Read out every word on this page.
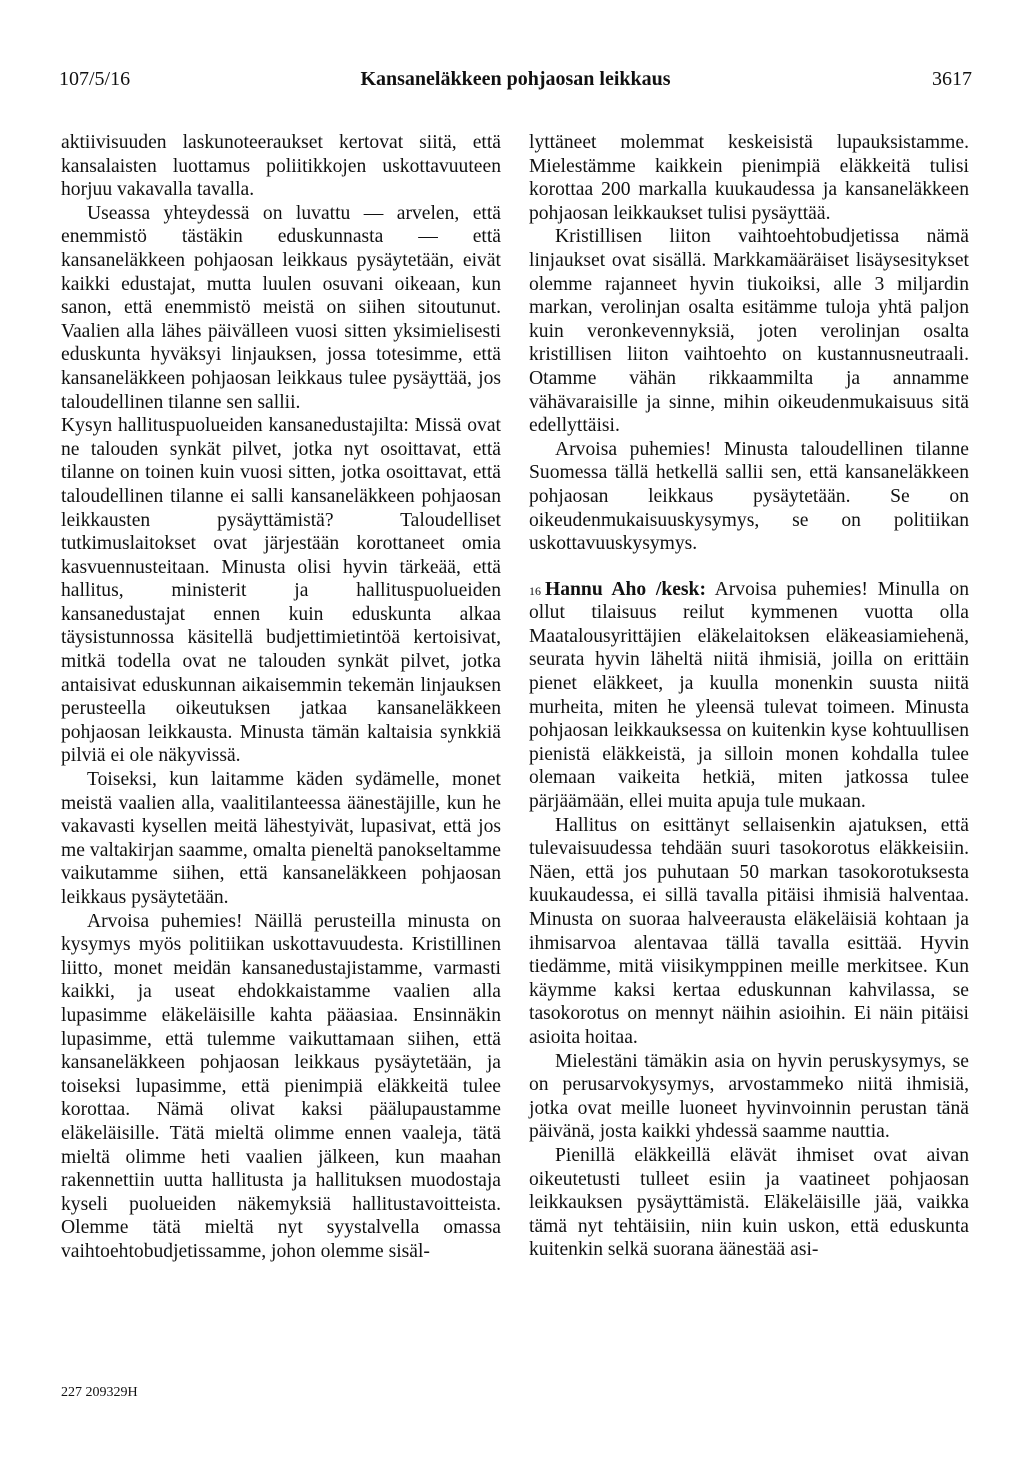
107/5/16	Kansaneläkkeen pohjaosan leikkaus	3617

aktiivisuuden laskunoteeraukset kertovat siitä, että kansalaisten luottamus poliitikkojen uskottavuuteen horjuu vakavalla tavalla.

Useassa yhteydessä on luvattu — arvelen, että enemmistö tästäkin eduskunnasta — että kansaneläkkeen pohjaosan leikkaus pysäytetään, eivät kaikki edustajat, mutta luulen osuvani oikeaan, kun sanon, että enemmistö meistä on siihen sitoutunut. Vaalien alla lähes päivälleen vuosi sitten yksimielisesti eduskunta hyväksyi linjauksen, jossa totesimme, että kansaneläkkeen pohjaosan leikkaus tulee pysäyttää, jos taloudellinen tilanne sen sallii.

Kysyn hallituspuolueiden kansanedustajilta: Missä ovat ne talouden synkät pilvet, jotka nyt osoittavat, että tilanne on toinen kuin vuosi sitten, jotka osoittavat, että taloudellinen tilanne ei salli kansaneläkkeen pohjaosan leikkausten pysäyttämistä? Taloudelliset tutkimuslaitokset ovat järjestään korottaneet omia kasvuennusteitaan. Minusta olisi hyvin tärkeää, että hallitus, ministerit ja hallituspuolueiden kansanedustajat ennen kuin eduskunta alkaa täysistunnossa käsitellä budjettimietintöä kertoisivat, mitkä todella ovat ne talouden synkät pilvet, jotka antaisivat eduskunnan aikaisemmin tekemän linjauksen perusteella oikeutuksen jatkaa kansaneläkkeen pohjaosan leikkausta. Minusta tämän kaltaisia synkkiä pilviä ei ole näkyvissä.

Toiseksi, kun laitamme käden sydämelle, monet meistä vaalien alla, vaalitilanteessa äänestäjille, kun he vakavasti kysellen meitä lähestyivät, lupasivat, että jos me valtakirjan saamme, omalta pieneltä panokseltamme vaikutamme siihen, että kansaneläkkeen pohjaosan leikkaus pysäytetään.

Arvoisa puhemies! Näillä perusteilla minusta on kysymys myös politiikan uskottavuudesta. Kristillinen liitto, monet meidän kansanedustajistamme, varmasti kaikki, ja useat ehdokkaistamme vaalien alla lupasimme eläkeläisille kahta pääasiaa. Ensinnäkin lupasimme, että tulemme vaikuttamaan siihen, että kansaneläkkeen pohjaosan leikkaus pysäytetään, ja toiseksi lupasimme, että pienimpiä eläkkeitä tulee korottaa. Nämä olivat kaksi päälupaustamme eläkeläisille. Tätä mieltä olimme ennen vaaleja, tätä mieltä olimme heti vaalien jälkeen, kun maahan rakennettiin uutta hallitusta ja hallituksen muodostaja kyseli puolueiden näkemyksiä hallitustavoitteista. Olemme tätä mieltä nyt syystalvella omassa vaihtoehtobudjetissamme, johon olemme sisäl-

lyttäneet molemmat keskeisistä lupauksistamme. Mielestämme kaikkein pienimpiä eläkkeitä tulisi korottaa 200 markalla kuukaudessa ja kansaneläkkeen pohjaosan leikkaukset tulisi pysäyttää.

Kristillisen liiton vaihtoehtobudjetissa nämä linjaukset ovat sisällä. Markkamääräiset lisäysesitykset olemme rajanneet hyvin tiukoiksi, alle 3 miljardin markan, verolinjan osalta esitämme tuloja yhtä paljon kuin veronkevennyksiä, joten verolinjan osalta kristillisen liiton vaihtoehto on kustannusneutraali. Otamme vähän rikkaammilta ja annamme vähävaraisille ja sinne, mihin oikeudenmukaisuus sitä edellyttäisi.

Arvoisa puhemies! Minusta taloudellinen tilanne Suomessa tällä hetkellä sallii sen, että kansaneläkkeen pohjaosan leikkaus pysäytetään. Se on oikeudenmukaisuuskysymys, se on politiikan uskottavuuskysymys.

$^{16}$ Hannu Aho /kesk: Arvoisa puhemies! Minulla on ollut tilaisuus reilut kymmenen vuotta olla Maatalousyrittäjien eläkelaitoksen eläkeasiamiehenä, seurata hyvin läheltä niitä ihmisiä, joilla on erittäin pienet eläkkeet, ja kuulla monenkin suusta niitä murheita, miten he yleensä tulevat toimeen. Minusta pohjaosan leikkauksessa on kuitenkin kyse kohtuullisen pienistä eläkkeistä, ja silloin monen kohdalla tulee olemaan vaikeita hetkiä, miten jatkossa tulee pärjäämään, ellei muita apuja tule mukaan.

Hallitus on esittänyt sellaisenkin ajatuksen, että tulevaisuudessa tehdään suuri tasokorotus eläkkeisiin. Näen, että jos puhutaan 50 markan tasokorotuksesta kuukaudessa, ei sillä tavalla pitäisi ihmisiä halventaa. Minusta on suoraa halveerausta eläkeläisiä kohtaan ja ihmisarvoa alentavaa tällä tavalla esittää. Hyvin tiedämme, mitä viisikymppinen meille merkitsee. Kun käymme kaksi kertaa eduskunnan kahvilassa, se tasokorotus on mennyt näihin asioihin. Ei näin pitäisi asioita hoitaa.

Mielestäni tämäkin asia on hyvin peruskysymys, se on perusarvokysymys, arvostammeko niitä ihmisiä, jotka ovat meille luoneet hyvinvoinnin perustan tänä päivänä, josta kaikki yhdessä saamme nauttia.

Pienillä eläkkeillä elävät ihmiset ovat aivan oikeutetusti tulleet esiin ja vaatineet pohjaosan leikkauksen pysäyttämistä. Eläkeläisille jää, vaikka tämä nyt tehtäisiin, niin kuin uskon, että eduskunta kuitenkin selkä suorana äänestää asi-

227 209329H
